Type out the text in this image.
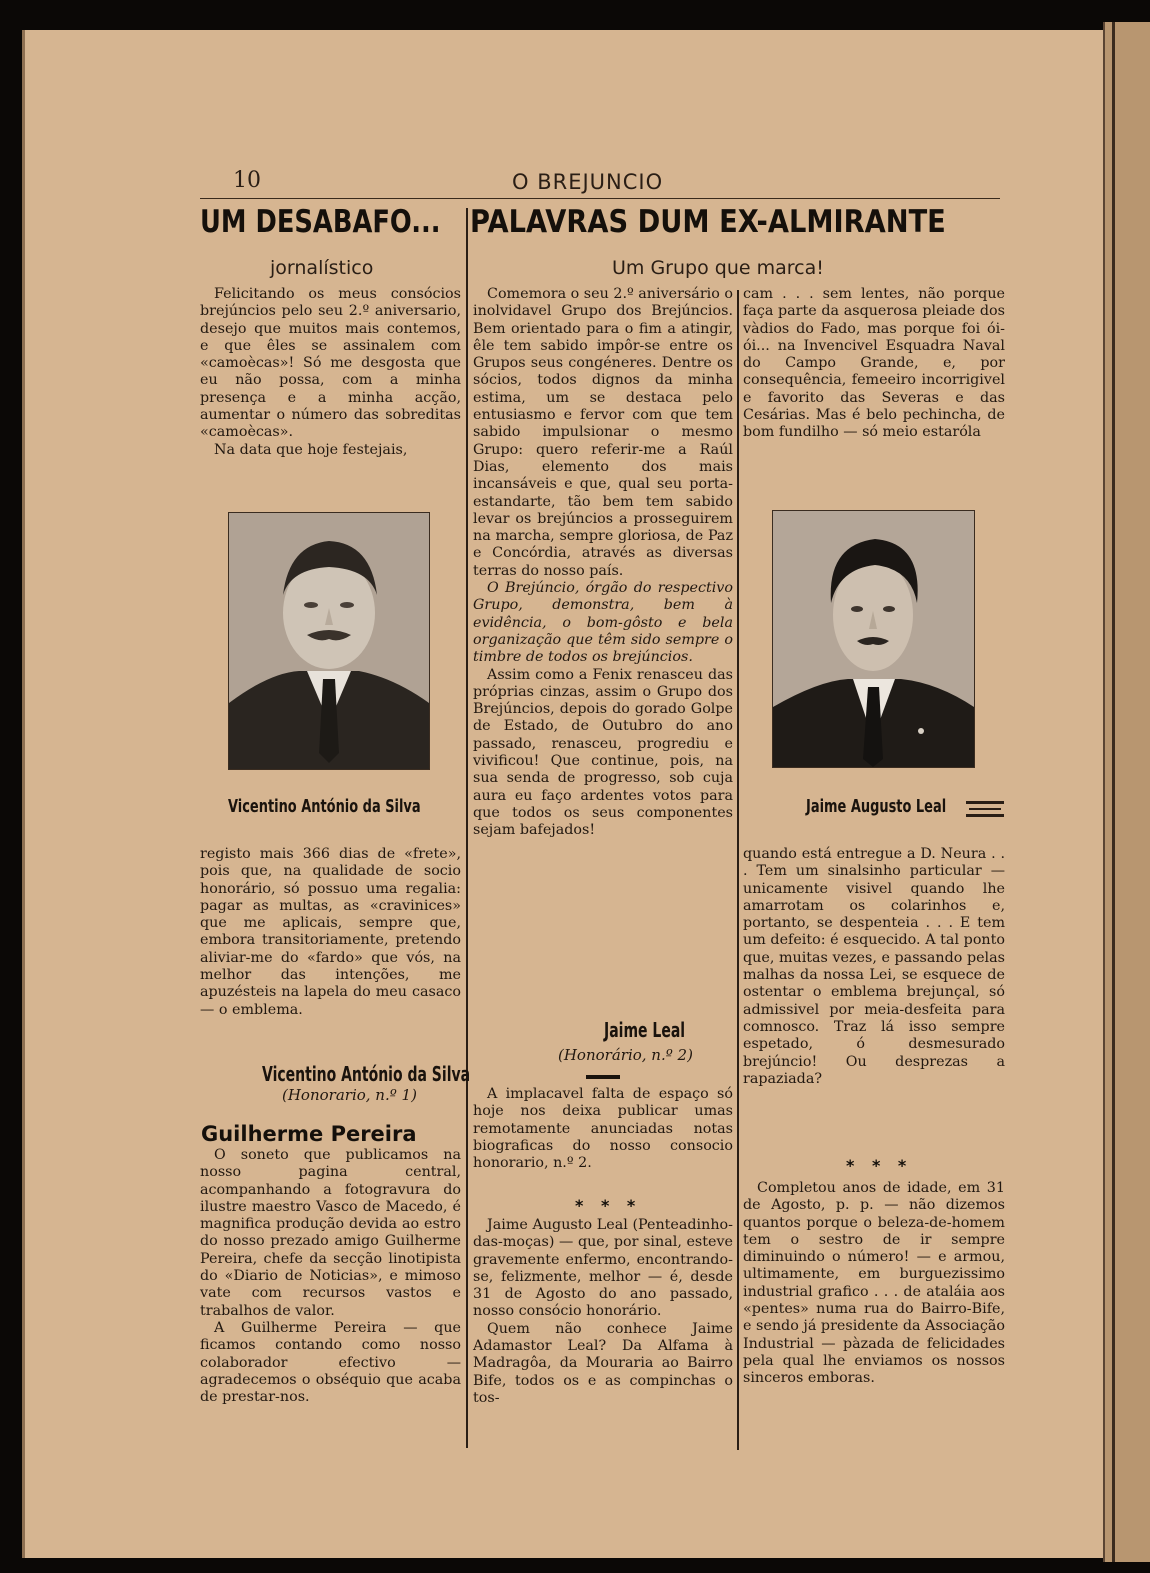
10	O BREJUNCIO
UM DESABAFO... PALAVRAS DUM EX-ALMIRANTE
jornalístico	Um Grupo que marca!

Felicitando os meus consócios brejúncios pelo seu 2.º aniversario, desejo que muitos mais contemos, e que êles se assinalem com «camoècas»! Só me desgosta que eu não possa, com a minha presença e a minha acção, aumentar o número das sobreditas «camoècas».

Na data que hoje festejais,

Vicentino António da Silva

registo mais 366 dias de «frete», pois que, na qualidade de socio honorário, só possuo uma regalia: pagar as multas, as «cravinices» que me aplicais, sempre que, embora transitoriamente, pretendo aliviar-me do «fardo» que vós, na melhor das intenções, me apuzésteis na lapela do meu casaco — o emblema.

Vicentino António da Silva
(Honorario, n.º 1)
Guilherme Pereira

O soneto que publicamos na nosso pagina central, acompanhando a fotogravura do ilustre maestro Vasco de Macedo, é magnifica produção devida ao estro do nosso prezado amigo Guilherme Pereira, chefe da secção linotipista do «Diario de Noticias», e mimoso vate com recursos vastos e trabalhos de valor.

A Guilherme Pereira — que ficamos contando como nosso colaborador efectivo — agradecemos o obséquio que acaba de prestar-nos.

Comemora o seu 2.º aniversário o inolvidavel Grupo dos Brejúncios. Bem orientado para o fim a atingir, êle tem sabido impôr-se entre os Grupos seus congéneres. Dentre os sócios, todos dignos da minha estima, um se destaca pelo entusiasmo e fervor com que tem sabido impulsionar o mesmo Grupo: quero referir-me a Raúl Dias, elemento dos mais incansáveis e que, qual seu porta-estandarte, tão bem tem sabido levar os brejúncios a prosseguirem na marcha, sempre gloriosa, de Paz e Concórdia, através as diversas terras do nosso país.

O Brejúncio, órgão do respectivo Grupo, demonstra, bem à evidência, o bom-gôsto e bela organização que têm sido sempre o timbre de todos os brejúncios.

Assim como a Fenix renasceu das próprias cinzas, assim o Grupo dos Brejúncios, depois do gorado Golpe de Estado, de Outubro do ano passado, renasceu, progrediu e vivificou! Que continue, pois, na sua senda de progresso, sob cuja aura eu faço ardentes votos para que todos os seus componentes sejam bafejados!

Jaime Leal
(Honorário, n.º 2)

A implacavel falta de espaço só hoje nos deixa publicar umas remotamente anunciadas notas biograficas do nosso consocio honorario, n.º 2.

* * *

Jaime Augusto Leal (Penteadinho-das-moças) — que, por sinal, esteve gravemente enfermo, encontrando-se, felizmente, melhor — é, desde 31 de Agosto do ano passado, nosso consócio honorário.

Quem não conhece Jaime Adamastor Leal? Da Alfama à Madragôa, da Mouraria ao Bairro Bife, todos os e as compinchas o tos-

cam . . . sem lentes, não porque faça parte da asquerosa pleiade dos vàdios do Fado, mas porque foi ói-ói... na Invencivel Esquadra Naval do Campo Grande, e, por consequência, femeeiro incorrigivel e favorito das Severas e das Cesárias. Mas é belo pechincha, de bom fundilho — só meio estaróla

Jaime Augusto Leal

quando está entregue a D. Neura . . . Tem um sinalsinho particular — unicamente visivel quando lhe amarrotam os colarinhos e, portanto, se despenteia . . . E tem um defeito: é esquecido. A tal ponto que, muitas vezes, e passando pelas malhas da nossa Lei, se esquece de ostentar o emblema brejunçal, só admissivel por meia-desfeita para comnosco. Traz lá isso sempre espetado, ó desmesurado brejúncio! Ou desprezas a rapaziada?

* * *

Completou anos de idade, em 31 de Agosto, p. p. — não dizemos quantos porque o beleza-de-homem tem o sestro de ir sempre diminuindo o número! — e armou, ultimamente, em burguezissimo industrial grafico . . . de ataláia aos «pentes» numa rua do Bairro-Bife, e sendo já presidente da Associação Industrial — pàzada de felicidades pela qual lhe enviamos os nossos sinceros emboras.
